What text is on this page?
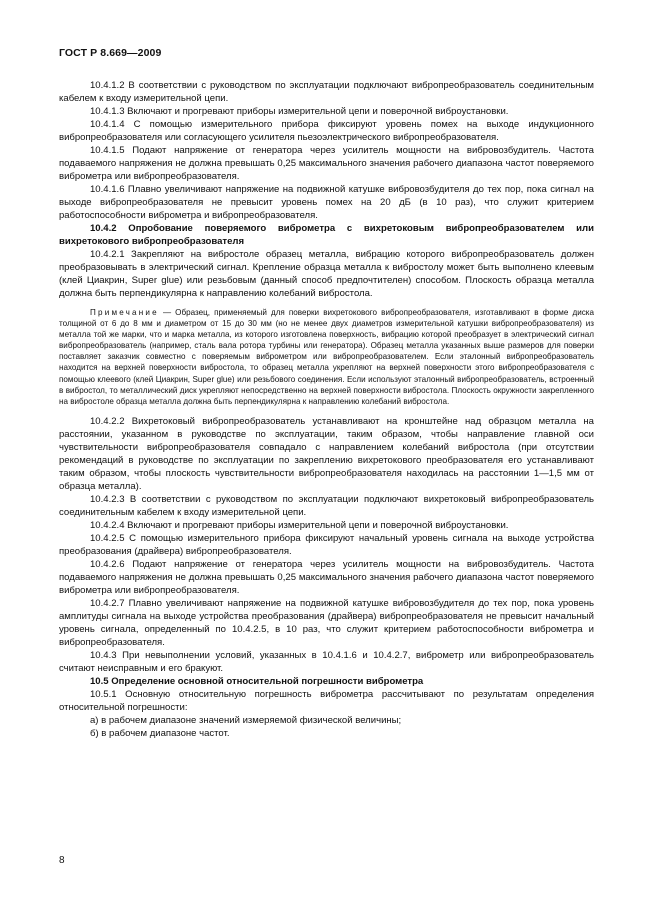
ГОСТ Р 8.669—2009

10.4.1.2 В соответствии с руководством по эксплуатации подключают вибропреобразователь соединительным кабелем к входу измерительной цепи.

10.4.1.3 Включают и прогревают приборы измерительной цепи и поверочной виброустановки.

10.4.1.4 С помощью измерительного прибора фиксируют уровень помех на выходе индукционного вибропреобразователя или согласующего усилителя пьезоэлектрического вибропреобразователя.

10.4.1.5 Подают напряжение от генератора через усилитель мощности на вибровозбудитель. Частота подаваемого напряжения не должна превышать 0,25 максимального значения рабочего диапазона частот поверяемого виброметра или вибропреобразователя.

10.4.1.6 Плавно увеличивают напряжение на подвижной катушке вибровозбудителя до тех пор, пока сигнал на выходе вибропреобразователя не превысит уровень помех на 20 дБ (в 10 раз), что служит критерием работоспособности виброметра и вибропреобразователя.

10.4.2 Опробование поверяемого виброметра с вихретоковым вибропреобразователем или вихретокового вибропреобразователя

10.4.2.1 Закрепляют на вибростоле образец металла, вибрацию которого вибропреобразователь должен преобразовывать в электрический сигнал. Крепление образца металла к вибростолу может быть выполнено клеевым (клей Циакрин, Super glue) или резьбовым (данный способ предпочтителен) способом. Плоскость образца металла должна быть перпендикулярна к направлению колебаний вибростола.

Примечание — Образец, применяемый для поверки вихретокового вибропреобразователя, изготавливают в форме диска толщиной от 6 до 8 мм и диаметром от 15 до 30 мм (но не менее двух диаметров измерительной катушки вибропреобразователя) из металла той же марки, что и марка металла, из которого изготовлена поверхность, вибрацию которой преобразует в электрический сигнал вибропреобразователь (например, сталь вала ротора турбины или генератора). Образец металла указанных выше размеров для поверки поставляет заказчик совместно с поверяемым виброметром или вибропреобразователем. Если эталонный вибропреобразователь находится на верхней поверхности вибростола, то образец металла укрепляют на верхней поверхности этого вибропреобразователя с помощью клеевого (клей Циакрин, Super glue) или резьбового соединения. Если используют эталонный вибропреобразователь, встроенный в вибростол, то металлический диск укрепляют непосредственно на верхней поверхности вибростола. Плоскость окружности закрепленного на вибростоле образца металла должна быть перпендикулярна к направлению колебаний вибростола.

10.4.2.2 Вихретоковый вибропреобразователь устанавливают на кронштейне над образцом металла на расстоянии, указанном в руководстве по эксплуатации, таким образом, чтобы направление главной оси чувствительности вибропреобразователя совпадало с направлением колебаний вибростола (при отсутствии рекомендаций в руководстве по эксплуатации по закреплению вихретокового преобразователя его устанавливают таким образом, чтобы плоскость чувствительности вибропреобразователя находилась на расстоянии 1—1,5 мм от образца металла).

10.4.2.3 В соответствии с руководством по эксплуатации подключают вихретоковый вибропреобразователь соединительным кабелем к входу измерительной цепи.

10.4.2.4 Включают и прогревают приборы измерительной цепи и поверочной виброустановки.

10.4.2.5 С помощью измерительного прибора фиксируют начальный уровень сигнала на выходе устройства преобразования (драйвера) вибропреобразователя.

10.4.2.6 Подают напряжение от генератора через усилитель мощности на вибровозбудитель. Частота подаваемого напряжения не должна превышать 0,25 максимального значения рабочего диапазона частот поверяемого виброметра или вибропреобразователя.

10.4.2.7 Плавно увеличивают напряжение на подвижной катушке вибровозбудителя до тех пор, пока уровень амплитуды сигнала на выходе устройства преобразования (драйвера) вибропреобразователя не превысит начальный уровень сигнала, определенный по 10.4.2.5, в 10 раз, что служит критерием работоспособности виброметра и вибропреобразователя.

10.4.3 При невыполнении условий, указанных в 10.4.1.6 и 10.4.2.7, виброметр или вибропреобразователь считают неисправным и его бракуют.

10.5 Определение основной относительной погрешности виброметра

10.5.1 Основную относительную погрешность виброметра рассчитывают по результатам определения относительной погрешности:

а) в рабочем диапазоне значений измеряемой физической величины;

б) в рабочем диапазоне частот.

8
